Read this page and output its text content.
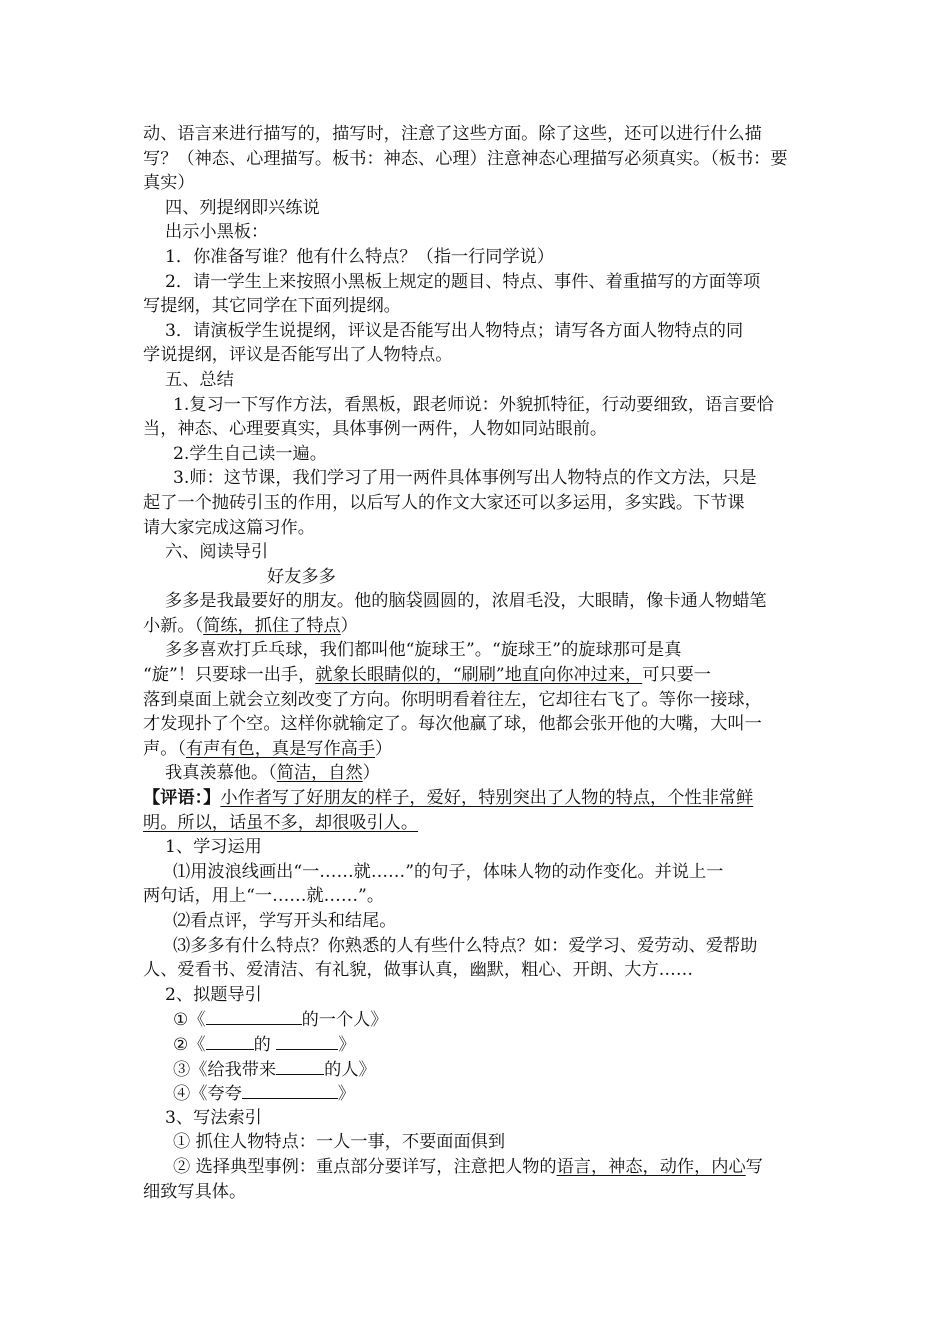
动、语言来进行描写的，描写时，注意了这些方面。除了这些，还可以进行什么描
写？（神态、心理描写。板书：神态、心理）注意神态心理描写必须真实。（板书：要
真实）
四、列提纲即兴练说
出示小黑板：
1．你准备写谁？他有什么特点？（指一行同学说）
2．请一学生上来按照小黑板上规定的题目、特点、事件、着重描写的方面等项
写提纲，其它同学在下面列提纲。
3．请演板学生说提纲，评议是否能写出人物特点；请写各方面人物特点的同
学说提纲，评议是否能写出了人物特点。
五、总结
1.复习一下写作方法，看黑板，跟老师说：外貌抓特征，行动要细致，语言要恰
当，神态、心理要真实，具体事例一两件，人物如同站眼前。
2.学生自己读一遍。
3.师：这节课，我们学习了用一两件具体事例写出人物特点的作文方法，只是
起了一个抛砖引玉的作用，以后写人的作文大家还可以多运用，多实践。下节课
请大家完成这篇习作。
六、阅读导引
好友多多
多多是我最要好的朋友。他的脑袋圆圆的，浓眉毛没，大眼睛，像卡通人物蜡笔
小新。（简练，抓住了特点）
多多喜欢打乒乓球，我们都叫他“旋球王”。“旋球王”的旋球那可是真
“旋”！只要球一出手，就象长眼睛似的，“刷刷”地直向你冲过来，可只要一
落到桌面上就会立刻改变了方向。你明明看着往左，它却往右飞了。等你一接球，
才发现扑了个空。这样你就输定了。每次他赢了球，他都会张开他的大嘴，大叫一
声。（有声有色，真是写作高手）
我真羡慕他。（简洁，自然）
【评语：】小作者写了好朋友的样子，爱好，特别突出了人物的特点，个性非常鲜
明。所以，话虽不多，却很吸引人。
1、学习运用
⑴用波浪线画出“一……就……”的句子，体味人物的动作变化。并说上一
两句话，用上“一……就……”。
⑵看点评，学写开头和结尾。
⑶多多有什么特点？你熟悉的人有些什么特点？如：爱学习、爱劳动、爱帮助
人、爱看书、爱清洁、有礼貌，做事认真，幽默，粗心、开朗、大方……
2、拟题导引
①《	的一个人》
②《	的	》
③《给我带来	的人》
④《夸夸	》
3、写法索引
① 抓住人物特点：一人一事，不要面面俱到
② 选择典型事例：重点部分要详写，注意把人物的语言，神态，动作，内心写
细致写具体。
